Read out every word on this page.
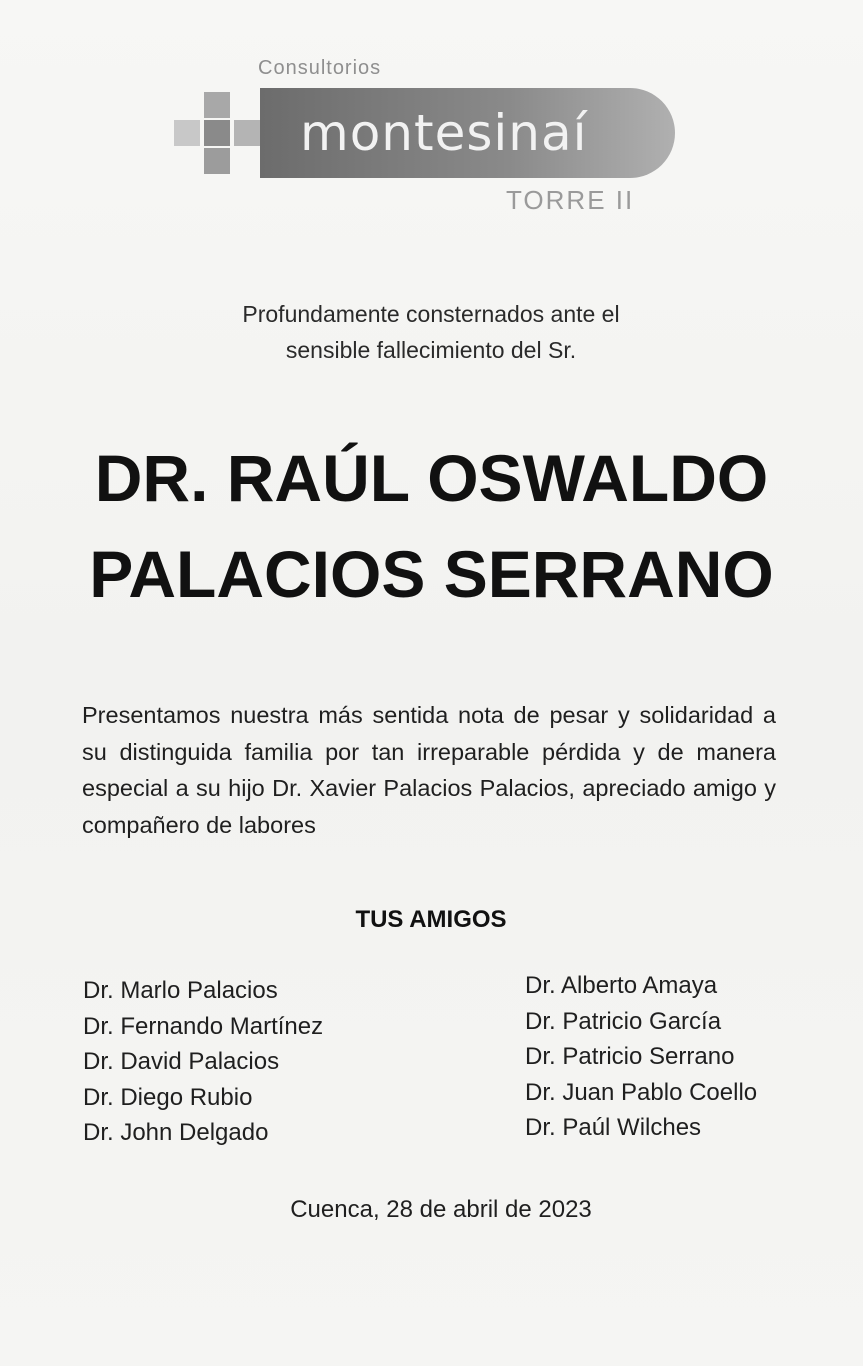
Consultorios
montesinaí
TORRE II
Profundamente consternados ante el
sensible fallecimiento del Sr.
DR. RAÚL OSWALDO
PALACIOS SERRANO
Presentamos nuestra más sentida nota de pesar y solidaridad a su distinguida familia por tan irreparable pérdida y de manera especial a su hijo Dr. Xavier Palacios Palacios, apreciado amigo y compañero de labores
TUS AMIGOS
Dr. Marlo Palacios
Dr. Fernando Martínez
Dr. David Palacios
Dr. Diego Rubio
Dr. John Delgado
Dr. Alberto Amaya
Dr. Patricio García
Dr. Patricio Serrano
Dr. Juan Pablo Coello
Dr. Paúl Wilches
Cuenca, 28 de abril de 2023
